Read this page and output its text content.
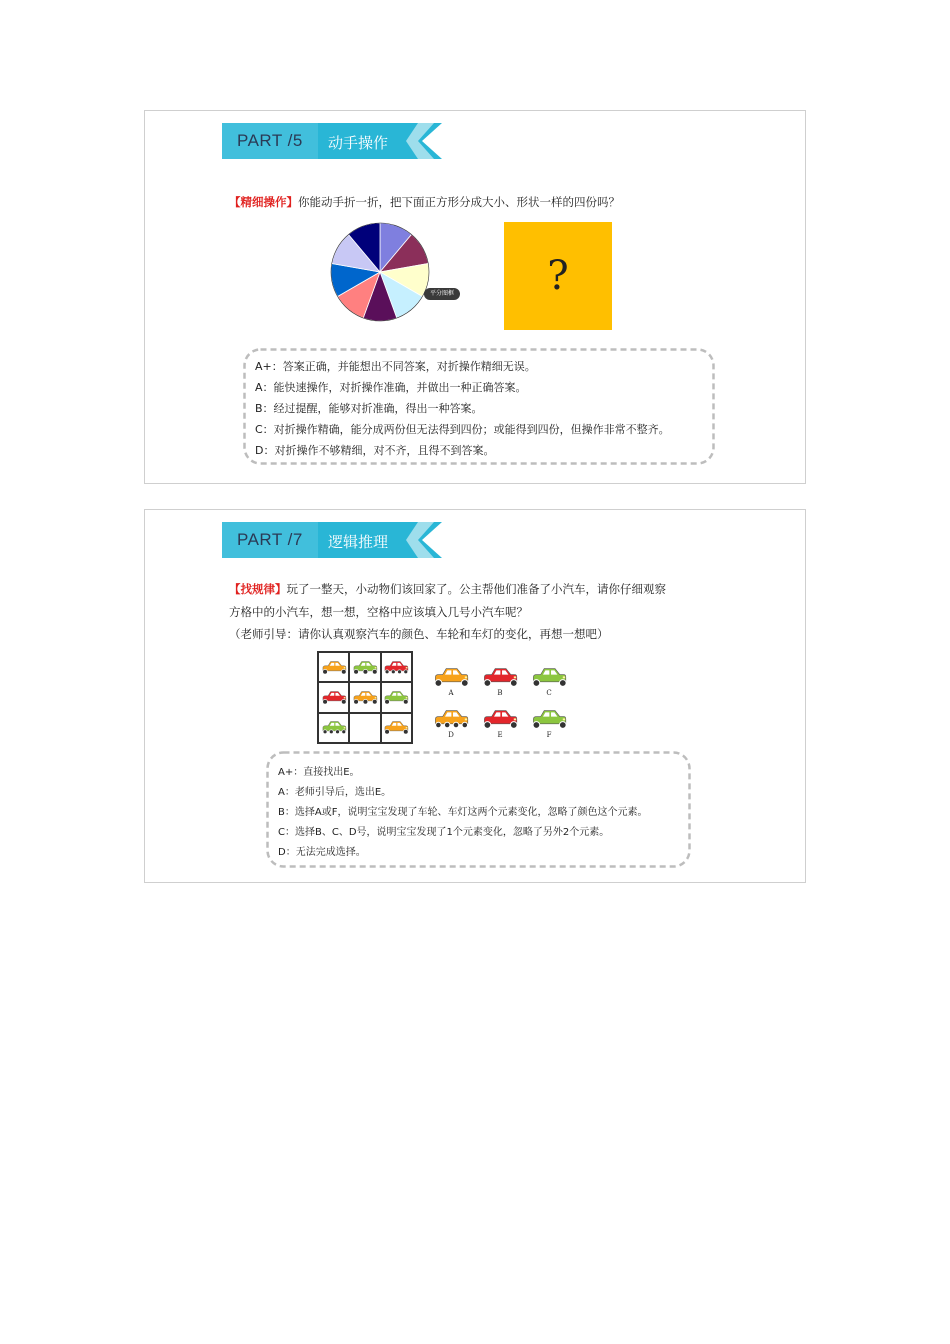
PART /5 动手操作
【精细操作】你能动手折一折，把下面正方形分成大小、形状一样的四份吗？
平分图框 ?
A+：答案正确，并能想出不同答案，对折操作精细无误。
A：能快速操作，对折操作准确，并做出一种正确答案。
B：经过提醒，能够对折准确，得出一种答案。
C：对折操作精确，能分成两份但无法得到四份；或能得到四份，但操作非常不整齐。
D：对折操作不够精细，对不齐，且得不到答案。
PART /7 逻辑推理
【找规律】玩了一整天，小动物们该回家了。公主帮他们准备了小汽车，请你仔细观察
方格中的小汽车，想一想，空格中应该填入几号小汽车呢？
（老师引导：请你认真观察汽车的颜色、车轮和车灯的变化，再想一想吧）
A	B	C
D	E	F
A+：直接找出E。
A：老师引导后，选出E。
B：选择A或F，说明宝宝发现了车轮、车灯这两个元素变化，忽略了颜色这个元素。
C：选择B、C、D号，说明宝宝发现了1个元素变化，忽略了另外2个元素。
D：无法完成选择。
